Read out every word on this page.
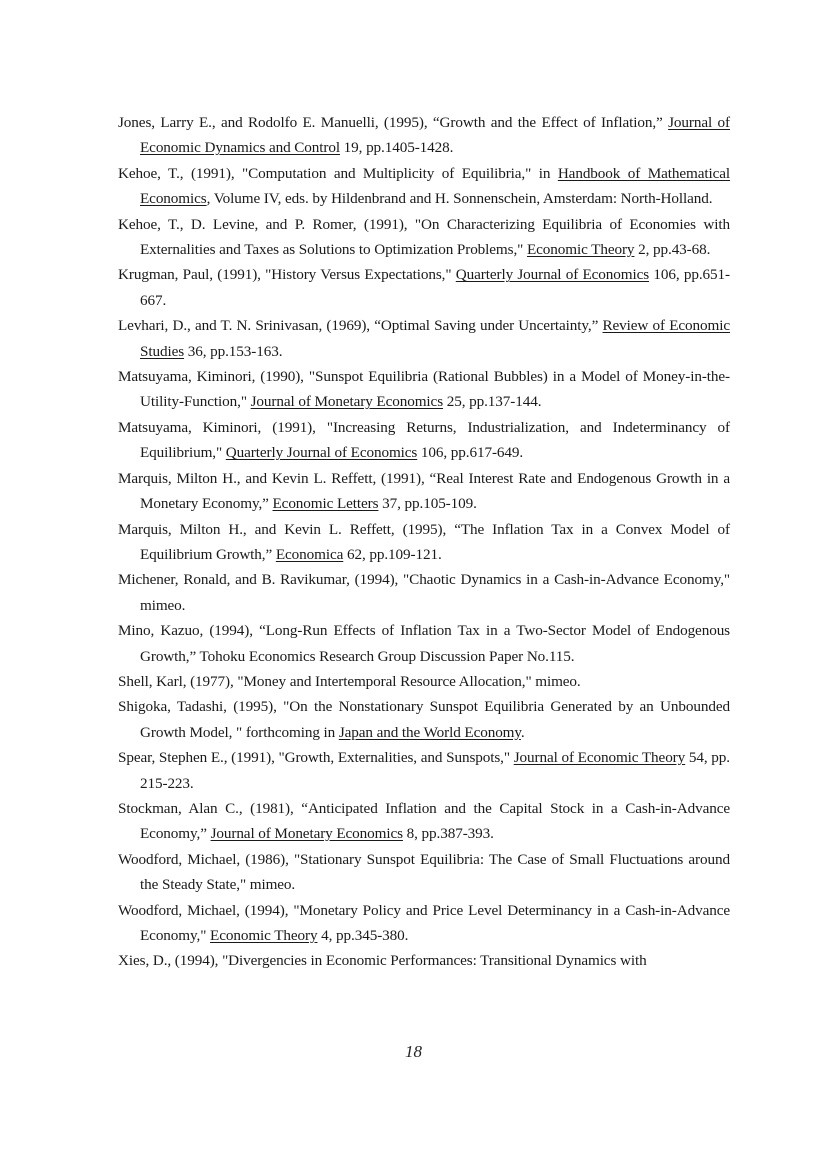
Jones, Larry E., and Rodolfo E. Manuelli, (1995), “Growth and the Effect of Inflation,” Journal of Economic Dynamics and Control 19, pp.1405-1428.
Kehoe, T., (1991), "Computation and Multiplicity of Equilibria," in Handbook of Mathematical Economics, Volume IV, eds. by Hildenbrand and H. Sonnenschein, Amsterdam: North-Holland.
Kehoe, T., D. Levine, and P. Romer, (1991), "On Characterizing Equilibria of Economies with Externalities and Taxes as Solutions to Optimization Problems," Economic Theory 2, pp.43-68.
Krugman, Paul, (1991), "History Versus Expectations," Quarterly Journal of Economics 106, pp.651-667.
Levhari, D., and T. N. Srinivasan, (1969), “Optimal Saving under Uncertainty,” Review of Economic Studies 36, pp.153-163.
Matsuyama, Kiminori, (1990), "Sunspot Equilibria (Rational Bubbles) in a Model of Money-in-the-Utility-Function," Journal of Monetary Economics 25, pp.137-144.
Matsuyama, Kiminori, (1991), "Increasing Returns, Industrialization, and Indeterminancy of Equilibrium," Quarterly Journal of Economics 106, pp.617-649.
Marquis, Milton H., and Kevin L. Reffett, (1991), “Real Interest Rate and Endogenous Growth in a Monetary Economy,” Economic Letters 37, pp.105-109.
Marquis, Milton H., and Kevin L. Reffett, (1995), “The Inflation Tax in a Convex Model of Equilibrium Growth,” Economica 62, pp.109-121.
Michener, Ronald, and B. Ravikumar, (1994), "Chaotic Dynamics in a Cash-in-Advance Economy," mimeo.
Mino, Kazuo, (1994), “Long-Run Effects of Inflation Tax in a Two-Sector Model of Endogenous Growth,” Tohoku Economics Research Group Discussion Paper No.115.
Shell, Karl, (1977), "Money and Intertemporal Resource Allocation," mimeo.
Shigoka, Tadashi, (1995), "On the Nonstationary Sunspot Equilibria Generated by an Unbounded Growth Model, " forthcoming in Japan and the World Economy.
Spear, Stephen E., (1991), "Growth, Externalities, and Sunspots," Journal of Economic Theory 54, pp. 215-223.
Stockman, Alan C., (1981), “Anticipated Inflation and the Capital Stock in a Cash-in-Advance Economy,” Journal of Monetary Economics 8, pp.387-393.
Woodford, Michael, (1986), "Stationary Sunspot Equilibria: The Case of Small Fluctuations around the Steady State," mimeo.
Woodford, Michael, (1994), "Monetary Policy and Price Level Determinancy in a Cash-in-Advance Economy," Economic Theory 4, pp.345-380.
Xies, D., (1994), "Divergencies in Economic Performances: Transitional Dynamics with
18
